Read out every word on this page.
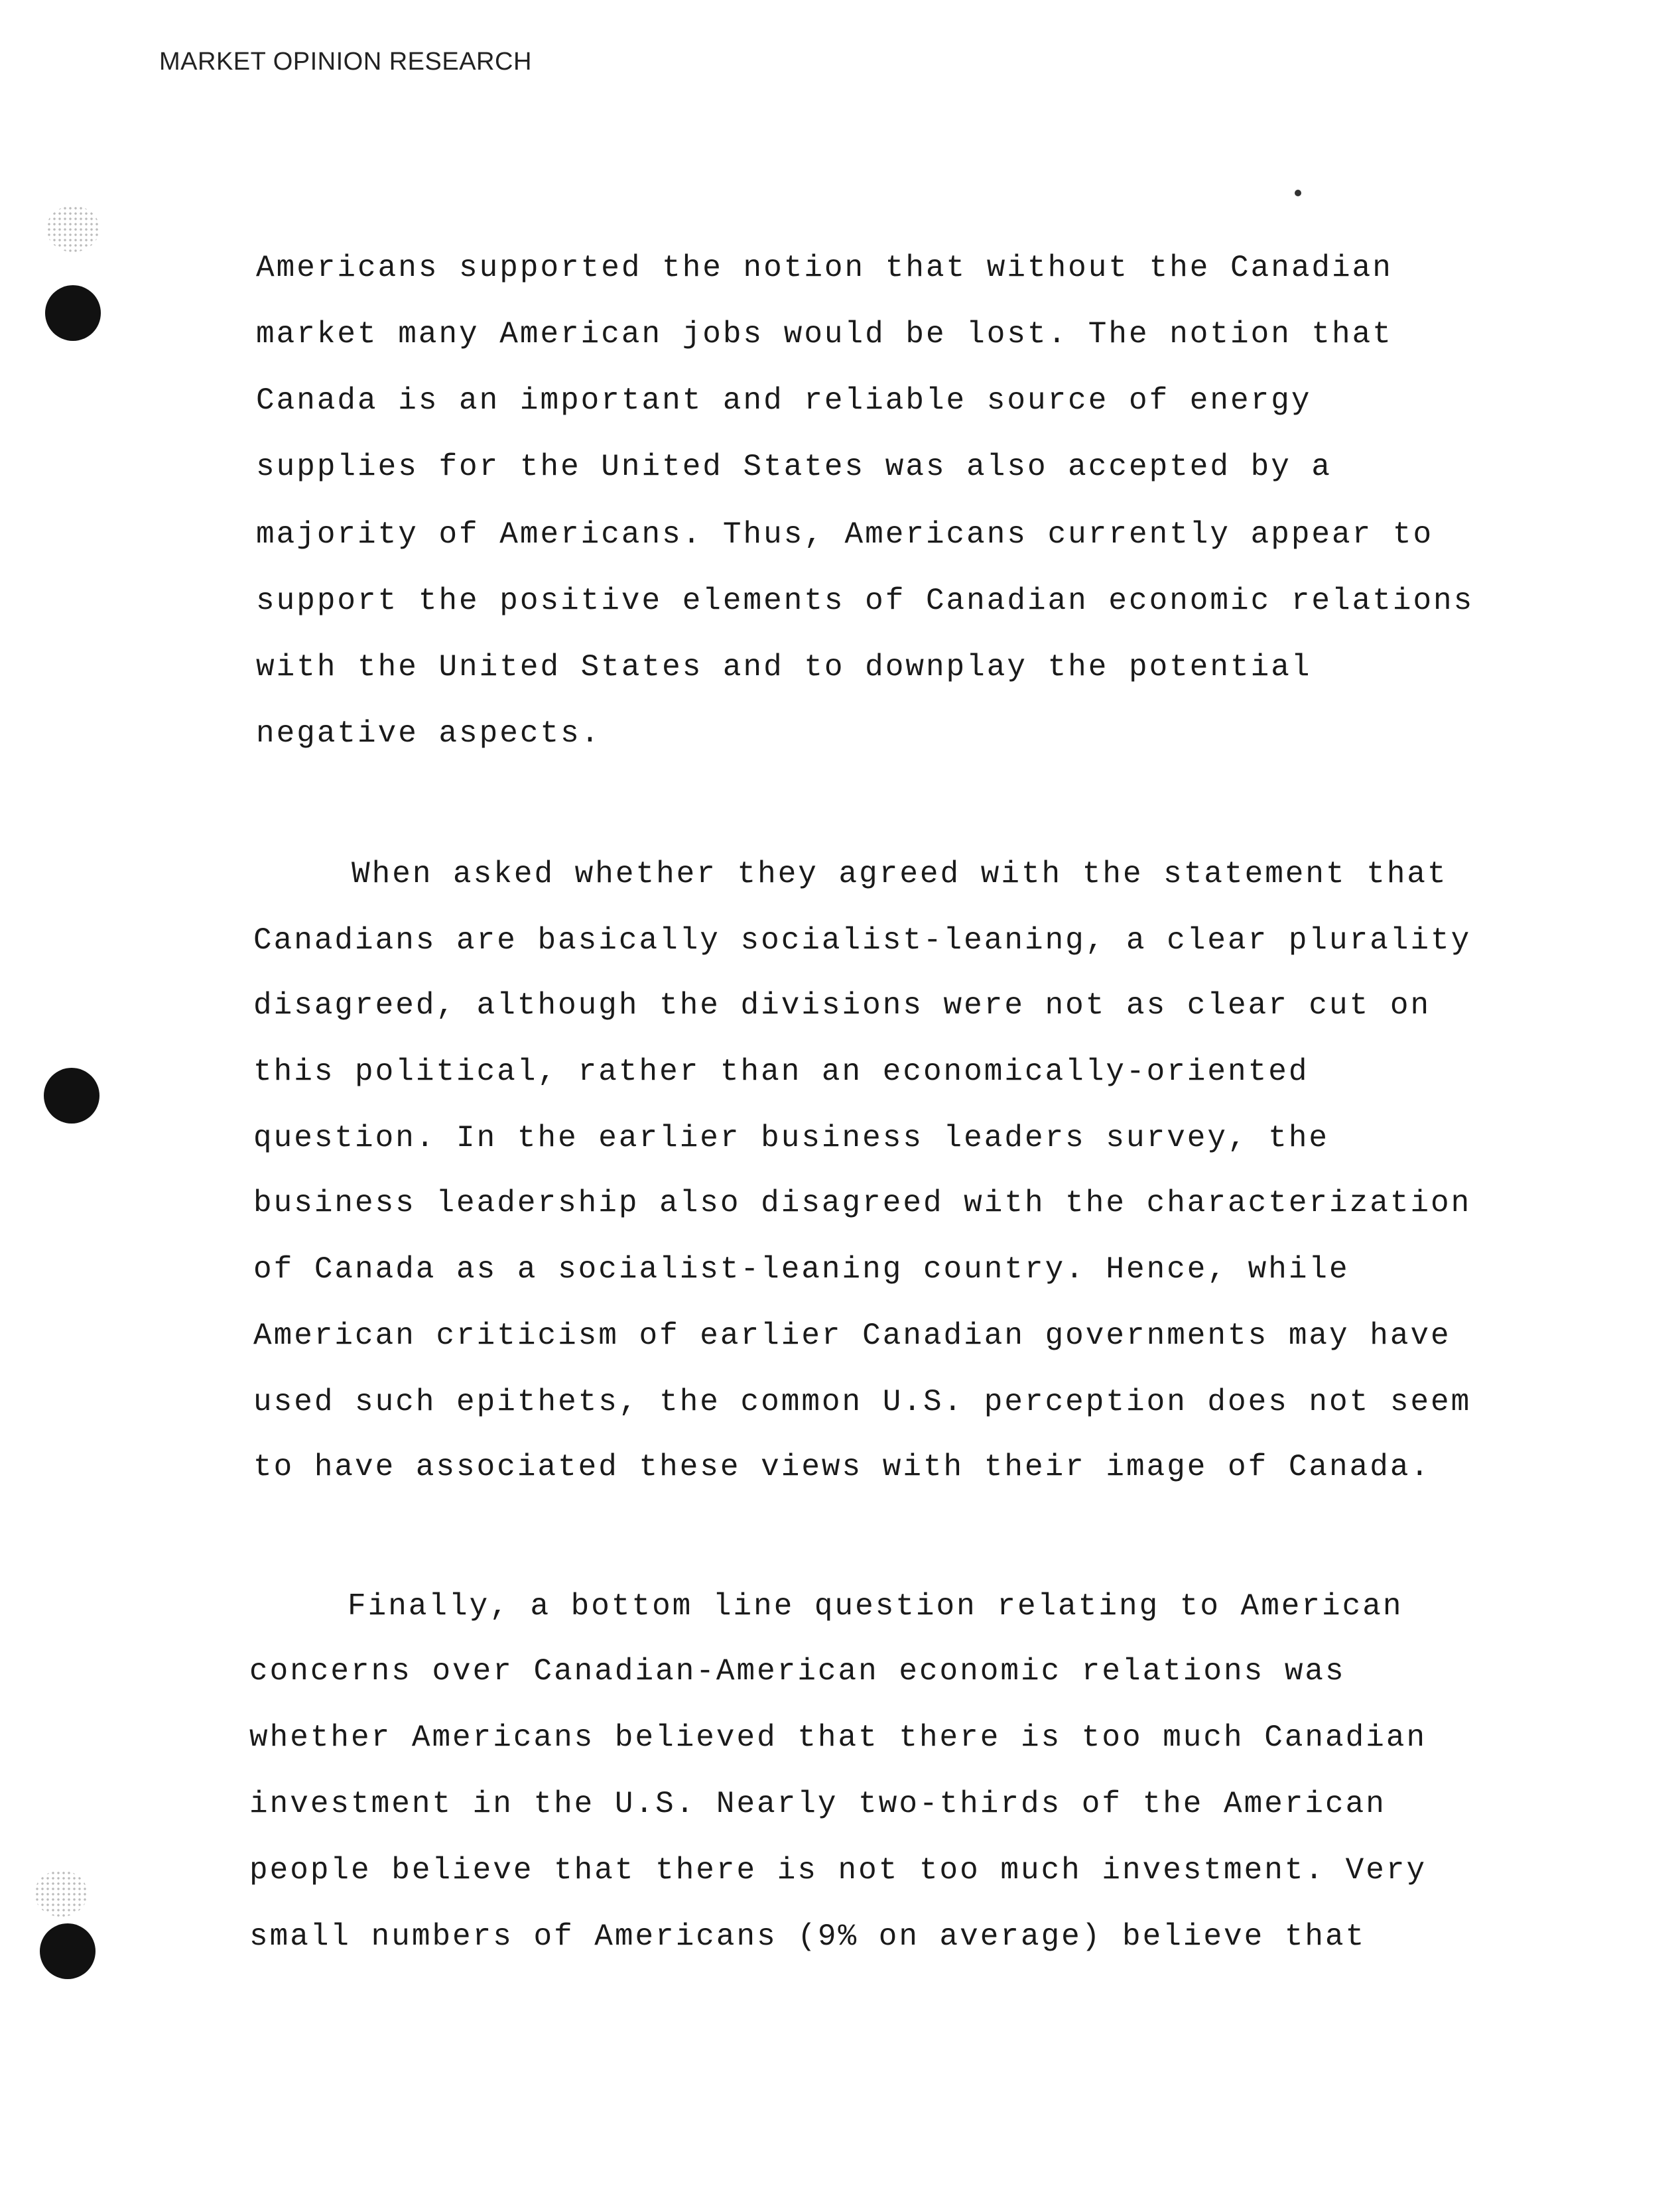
MARKET OPINION RESEARCH
Americans supported the notion that without the Canadian
market many American jobs would be lost. The notion that
Canada is an important and reliable source of energy
supplies for the United States was also accepted by a
majority of Americans. Thus, Americans currently appear to
support the positive elements of Canadian economic relations
with the United States and to downplay the potential
negative aspects.
When asked whether they agreed with the statement that
Canadians are basically socialist-leaning, a clear plurality
disagreed, although the divisions were not as clear cut on
this political, rather than an economically-oriented
question. In the earlier business leaders survey, the
business leadership also disagreed with the characterization
of Canada as a socialist-leaning country. Hence, while
American criticism of earlier Canadian governments may have
used such epithets, the common U.S. perception does not seem
to have associated these views with their image of Canada.
Finally, a bottom line question relating to American
concerns over Canadian-American economic relations was
whether Americans believed that there is too much Canadian
investment in the U.S. Nearly two-thirds of the American
people believe that there is not too much investment. Very
small numbers of Americans (9% on average) believe that
